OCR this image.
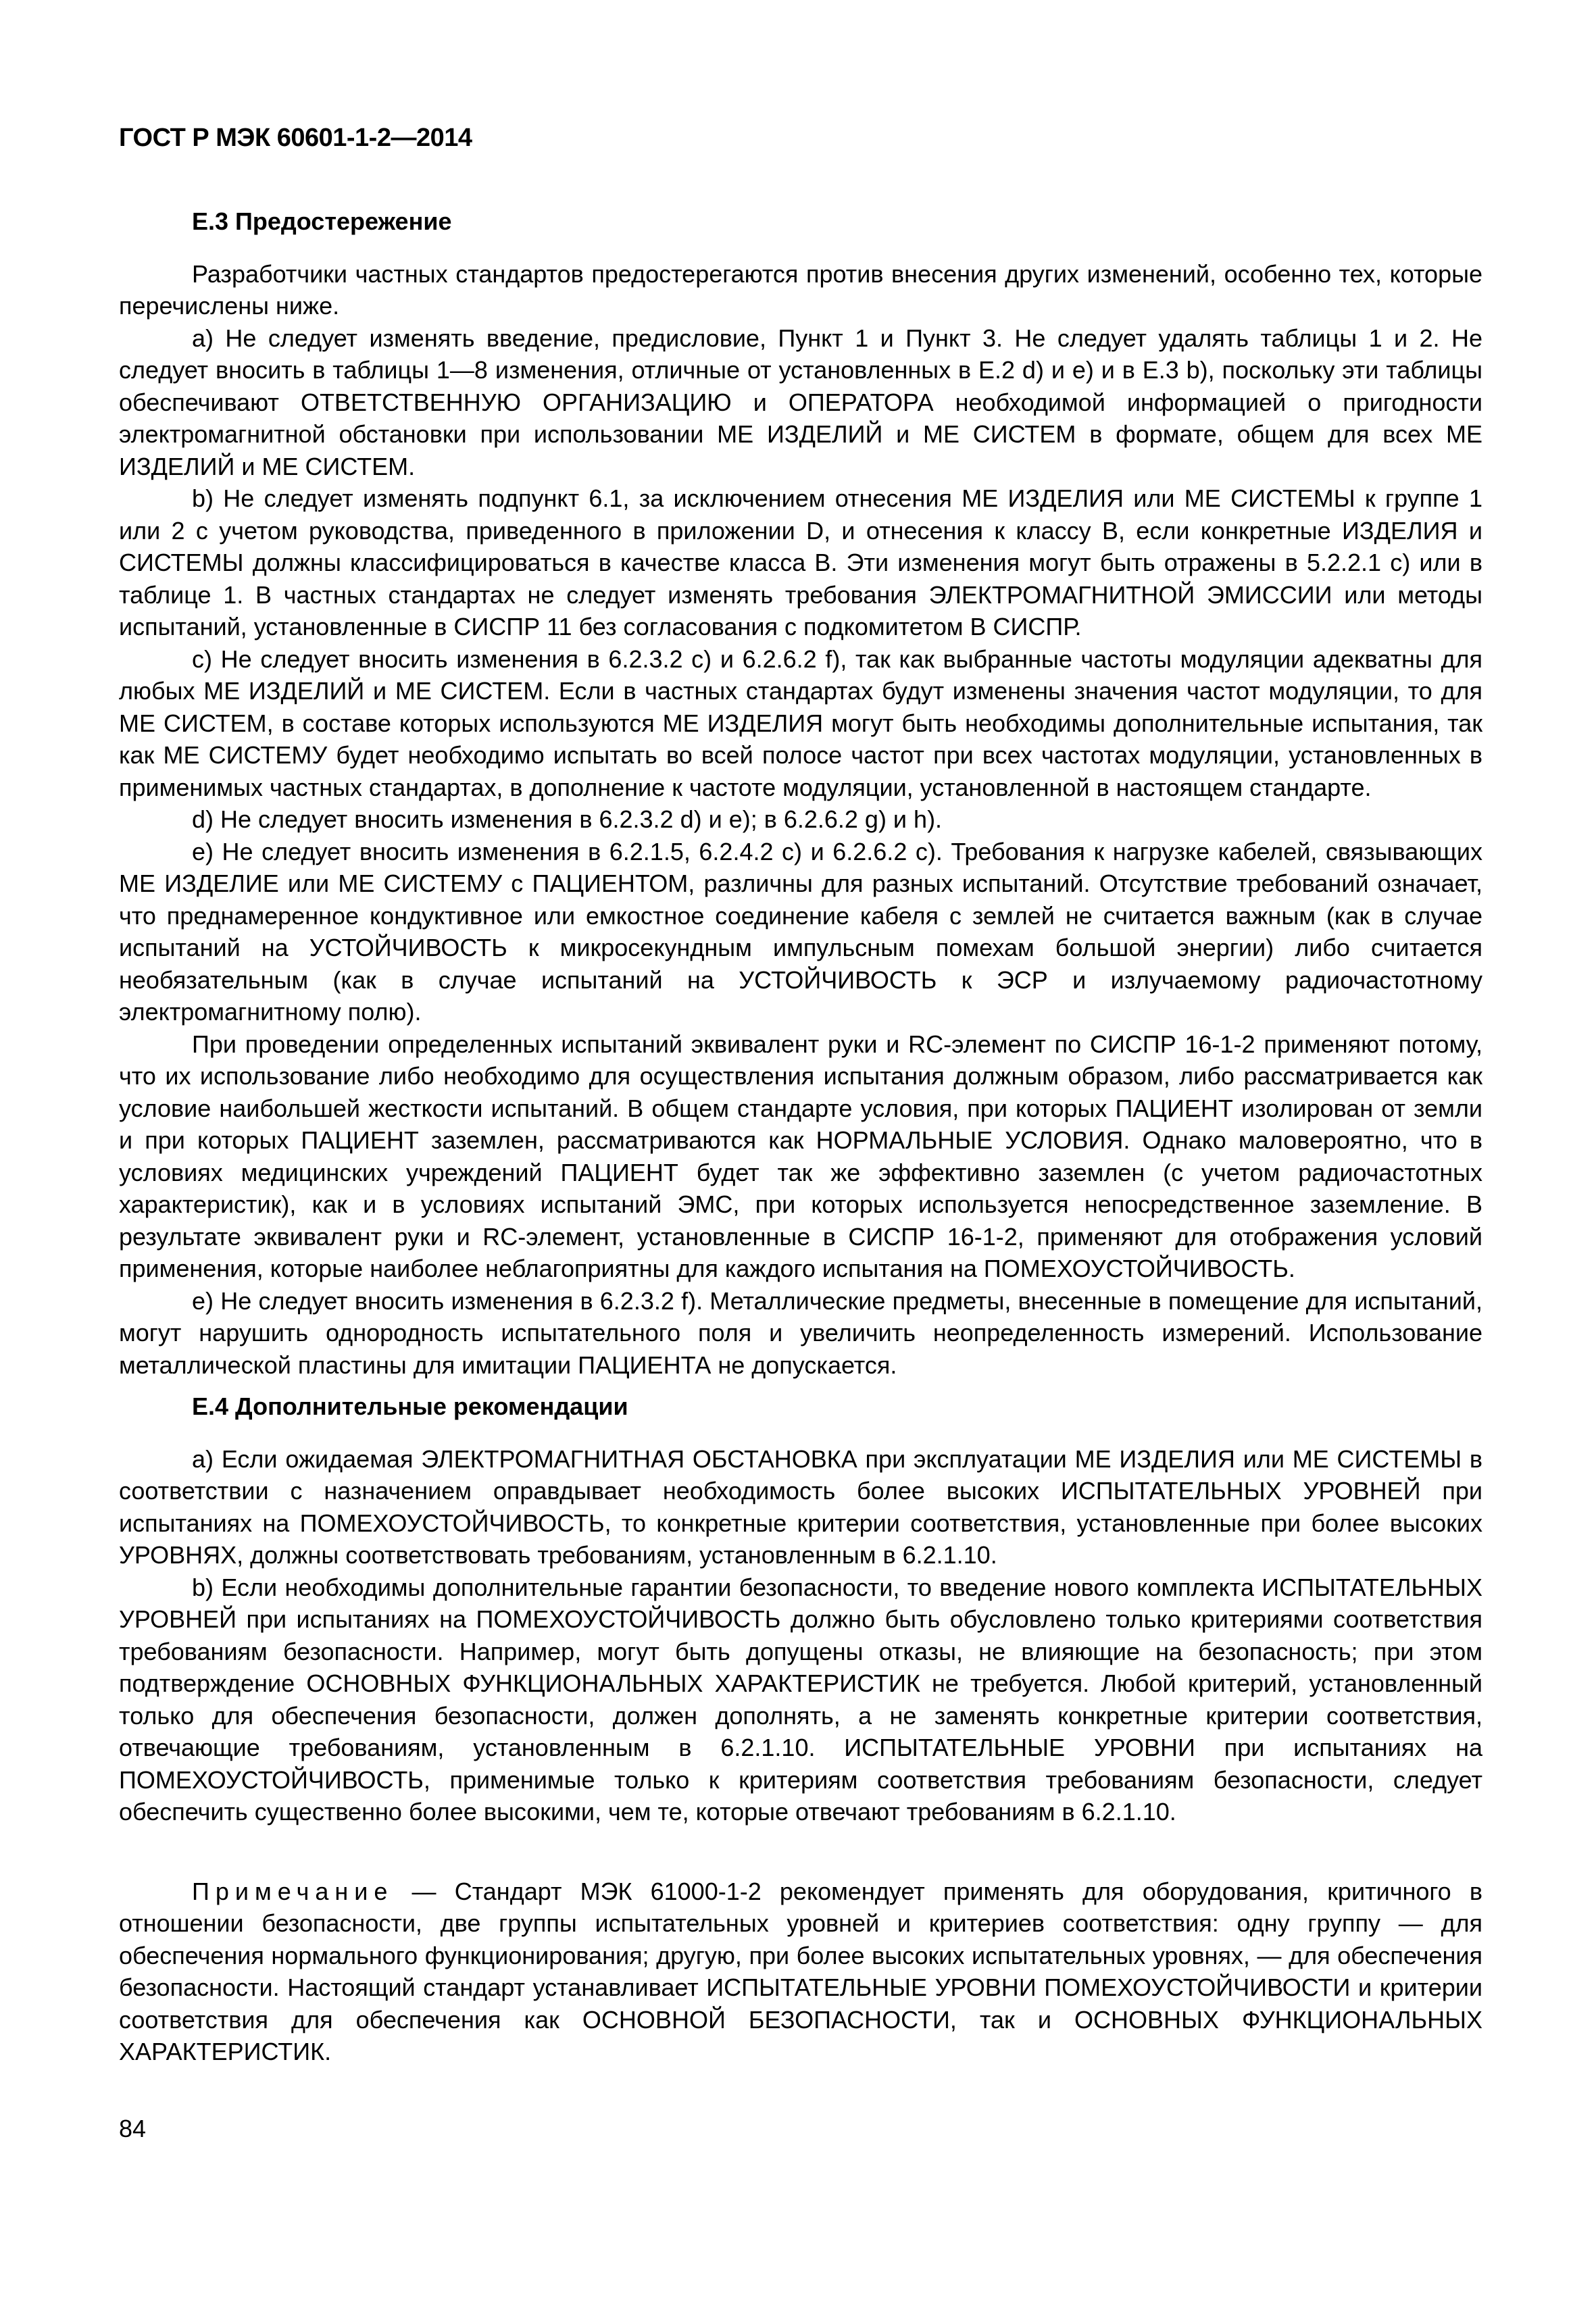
ГОСТ Р МЭК 60601-1-2—2014

Е.3 Предостережение

Разработчики частных стандартов предостерегаются против внесения других изменений, особенно тех, которые перечислены ниже.

a) Не следует изменять введение, предисловие, Пункт 1 и Пункт 3. Не следует удалять таблицы 1 и 2. Не следует вносить в таблицы 1—8 изменения, отличные от установленных в Е.2 d) и е) и в Е.3 b), поскольку эти таблицы обеспечивают ОТВЕТСТВЕННУЮ ОРГАНИЗАЦИЮ и ОПЕРАТОРА необходимой информацией о пригодности электромагнитной обстановки при использовании МЕ ИЗДЕЛИЙ и МЕ СИСТЕМ в формате, общем для всех МЕ ИЗДЕЛИЙ и МЕ СИСТЕМ.

b) Не следует изменять подпункт 6.1, за исключением отнесения МЕ ИЗДЕЛИЯ или МЕ СИСТЕМЫ к группе 1 или 2 с учетом руководства, приведенного в приложении D, и отнесения к классу В, если конкретные ИЗДЕЛИЯ и СИСТЕМЫ должны классифицироваться в качестве класса В. Эти изменения могут быть отражены в 5.2.2.1 с) или в таблице 1. В частных стандартах не следует изменять требования ЭЛЕКТРОМАГНИТНОЙ ЭМИССИИ или методы испытаний, установленные в СИСПР 11 без согласования с подкомитетом В СИСПР.

c) Не следует вносить изменения в 6.2.3.2 с) и 6.2.6.2 f), так как выбранные частоты модуляции адекватны для любых МЕ ИЗДЕЛИЙ и МЕ СИСТЕМ. Если в частных стандартах будут изменены значения частот модуляции, то для МЕ СИСТЕМ, в составе которых используются МЕ ИЗДЕЛИЯ могут быть необходимы дополнительные испытания, так как МЕ СИСТЕМУ будет необходимо испытать во всей полосе частот при всех частотах модуляции, установленных в применимых частных стандартах, в дополнение к частоте модуляции, установленной в настоящем стандарте.

d) Не следует вносить изменения в 6.2.3.2 d) и е); в 6.2.6.2 g) и h).

e) Не следует вносить изменения в 6.2.1.5, 6.2.4.2 с) и 6.2.6.2 с). Требования к нагрузке кабелей, связывающих МЕ ИЗДЕЛИЕ или МЕ СИСТЕМУ с ПАЦИЕНТОМ, различны для разных испытаний. Отсутствие требований означает, что преднамеренное кондуктивное или емкостное соединение кабеля с землей не считается важным (как в случае испытаний на УСТОЙЧИВОСТЬ к микросекундным импульсным помехам большой энергии) либо считается необязательным (как в случае испытаний на УСТОЙЧИВОСТЬ к ЭСР и излучаемому радиочастотному электромагнитному полю).

При проведении определенных испытаний эквивалент руки и RC-элемент по СИСПР 16-1-2 применяют потому, что их использование либо необходимо для осуществления испытания должным образом, либо рассматривается как условие наибольшей жесткости испытаний. В общем стандарте условия, при которых ПАЦИЕНТ изолирован от земли и при которых ПАЦИЕНТ заземлен, рассматриваются как НОРМАЛЬНЫЕ УСЛОВИЯ. Однако маловероятно, что в условиях медицинских учреждений ПАЦИЕНТ будет так же эффективно заземлен (с учетом радиочастотных характеристик), как и в условиях испытаний ЭМС, при которых используется непосредственное заземление. В результате эквивалент руки и RC-элемент, установленные в СИСПР 16-1-2, применяют для отображения условий применения, которые наиболее неблагоприятны для каждого испытания на ПОМЕХОУСТОЙЧИВОСТЬ.

e) Не следует вносить изменения в 6.2.3.2 f). Металлические предметы, внесенные в помещение для испытаний, могут нарушить однородность испытательного поля и увеличить неопределенность измерений. Использование металлической пластины для имитации ПАЦИЕНТА не допускается.

Е.4 Дополнительные рекомендации

a) Если ожидаемая ЭЛЕКТРОМАГНИТНАЯ ОБСТАНОВКА при эксплуатации МЕ ИЗДЕЛИЯ или МЕ СИСТЕМЫ в соответствии с назначением оправдывает необходимость более высоких ИСПЫТАТЕЛЬНЫХ УРОВНЕЙ при испытаниях на ПОМЕХОУСТОЙЧИВОСТЬ, то конкретные критерии соответствия, установленные при более высоких УРОВНЯХ, должны соответствовать требованиям, установленным в 6.2.1.10.

b) Если необходимы дополнительные гарантии безопасности, то введение нового комплекта ИСПЫТАТЕЛЬНЫХ УРОВНЕЙ при испытаниях на ПОМЕХОУСТОЙЧИВОСТЬ должно быть обусловлено только критериями соответствия требованиям безопасности. Например, могут быть допущены отказы, не влияющие на безопасность; при этом подтверждение ОСНОВНЫХ ФУНКЦИОНАЛЬНЫХ ХАРАКТЕРИСТИК не требуется. Любой критерий, установленный только для обеспечения безопасности, должен дополнять, а не заменять конкретные критерии соответствия, отвечающие требованиям, установленным в 6.2.1.10. ИСПЫТАТЕЛЬНЫЕ УРОВНИ при испытаниях на ПОМЕХОУСТОЙЧИВОСТЬ, применимые только к критериям соответствия требованиям безопасности, следует обеспечить существенно более высокими, чем те, которые отвечают требованиям в 6.2.1.10.

Примечание — Стандарт МЭК 61000-1-2 рекомендует применять для оборудования, критичного в отношении безопасности, две группы испытательных уровней и критериев соответствия: одну группу — для обеспечения нормального функционирования; другую, при более высоких испытательных уровнях, — для обеспечения безопасности. Настоящий стандарт устанавливает ИСПЫТАТЕЛЬНЫЕ УРОВНИ ПОМЕХОУСТОЙЧИВОСТИ и критерии соответствия для обеспечения как ОСНОВНОЙ БЕЗОПАСНОСТИ, так и ОСНОВНЫХ ФУНКЦИОНАЛЬНЫХ ХАРАКТЕРИСТИК.

84
